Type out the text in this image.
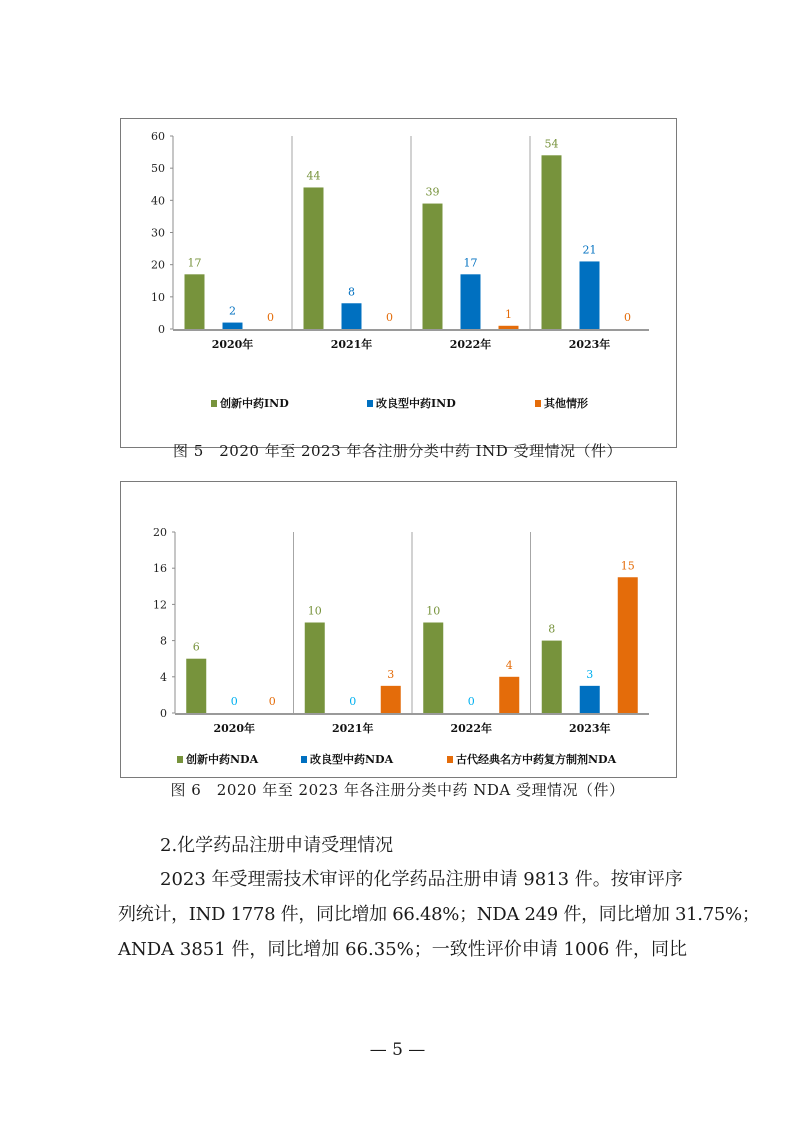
0
10
20
30
40
50
60
17
2	0
2020年
44
8
0
2021年
39
17
1
2022年
54
21
0
2023年
创新中药IND	改良型中药IND	其他情形
图 5　2020 年至 2023 年各注册分类中药 IND 受理情况（件）
0
4
8
12
16
20
6
0	0
2020年
10
0
3
2021年
10
0
4
2022年
8
3
15
2023年
创新中药NDA	改良型中药NDA	古代经典名方中药复方制剂NDA
图 6　2020 年至 2023 年各注册分类中药 NDA 受理情况（件）
2.化学药品注册申请受理情况
2023 年受理需技术审评的化学药品注册申请 9813 件。按审评序
列统计，IND 1778 件，同比增加 66.48%；NDA 249 件，同比增加 31.75%；
ANDA 3851 件，同比增加 66.35%；一致性评价申请 1006 件，同比
— 5 —
